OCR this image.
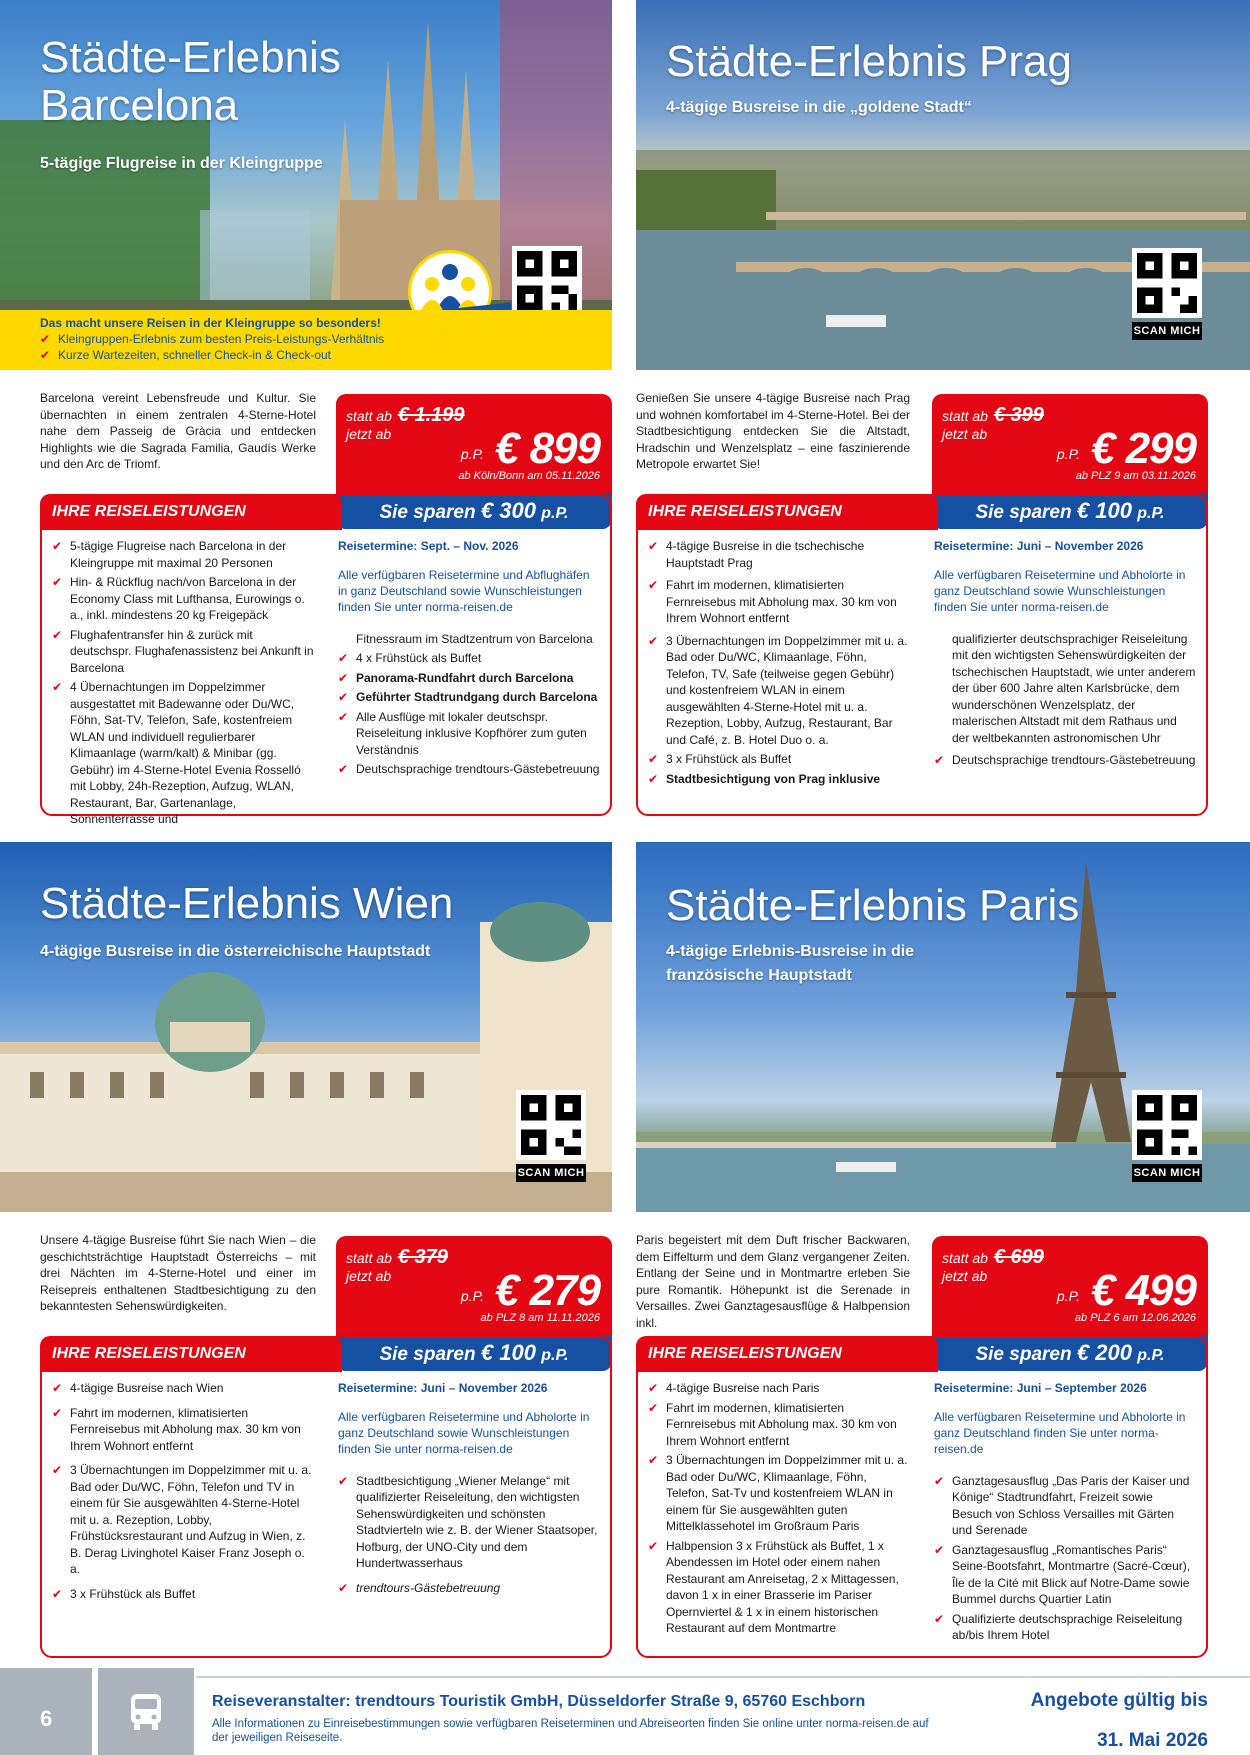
Städte-Erlebnis
Barcelona
5-tägige Flugreise in der Kleingruppe
Das macht unsere Reisen in der Kleingruppe so besonders!
✔ Kleingruppen-Erlebnis zum besten Preis-Leistungs-Verhältnis
✔ Kurze Wartezeiten, schneller Check-in & Check-out
Städte-Erlebnis Prag
4-tägige Busreise in die „goldene Stadt“
SCAN MICH
Barcelona vereint Lebensfreude und Kultur. Sie übernachten in einem zentralen 4-Sterne-Hotel nahe dem Passeig de Gràcia und entdecken Highlights wie die Sagrada Familia, Gaudís Werke und den Arc de Triomf.
statt ab € 1.199
jetzt ab
p.P. € 899
ab Köln/Bonn am 05.11.2026
Sie sparen € 300 p.P.
IHRE REISELEISTUNGEN
✔ 5-tägige Flugreise nach Barcelona in der Kleingruppe mit maximal 20 Personen
✔ Hin- & Rückflug nach/von Barcelona in der Economy Class mit Lufthansa, Eurowings o. a., inkl. mindestens 20 kg Freigepäck
✔ Flughafentransfer hin & zurück mit deutschspr. Flughafenassistenz bei Ankunft in Barcelona
✔ 4 Übernachtungen im Doppelzimmer ausgestattet mit Badewanne oder Du/WC, Föhn, Sat-TV, Telefon, Safe, kostenfreiem WLAN und individuell regulierbarer Klimaanlage (warm/kalt) & Minibar (gg. Gebühr) im 4-Sterne-Hotel Evenia Rosselló mit Lobby, 24h-Rezeption, Aufzug, WLAN, Restaurant, Bar, Gartenanlage, Sonnenterrasse und
Reisetermine: Sept. – Nov. 2026
Alle verfügbaren Reisetermine und Abflughäfen in ganz Deutschland sowie Wunschleistungen finden Sie unter norma-reisen.de
Fitnessraum im Stadtzentrum von Barcelona
✔ 4 x Frühstück als Buffet
✔ Panorama-Rundfahrt durch Barcelona
✔ Geführter Stadtrundgang durch Barcelona
✔ Alle Ausflüge mit lokaler deutschspr. Reiseleitung inklusive Kopfhörer zum guten Verständnis
✔ Deutschsprachige trendtours-Gästebetreuung
Genießen Sie unsere 4-tägige Busreise nach Prag und wohnen komfortabel im 4-Sterne-Hotel. Bei der Stadtbesichtigung entdecken Sie die Altstadt, Hradschin und Wenzelsplatz – eine faszinierende Metropole erwartet Sie!
statt ab € 399
jetzt ab
p.P. € 299
ab PLZ 9 am 03.11.2026
Sie sparen € 100 p.P.
IHRE REISELEISTUNGEN
✔ 4-tägige Busreise in die tschechische Hauptstadt Prag
✔ Fahrt im modernen, klimatisierten Fernreisebus mit Abholung max. 30 km von Ihrem Wohnort entfernt
✔ 3 Übernachtungen im Doppelzimmer mit u. a. Bad oder Du/WC, Klimaanlage, Föhn, Telefon, TV, Safe (teilweise gegen Gebühr) und kostenfreiem WLAN in einem ausgewählten 4-Sterne-Hotel mit u. a. Rezeption, Lobby, Aufzug, Restaurant, Bar und Café, z. B. Hotel Duo o. a.
✔ 3 x Frühstück als Buffet
✔ Stadtbesichtigung von Prag inklusive
Reisetermine: Juni – November 2026
Alle verfügbaren Reisetermine und Abholorte in ganz Deutschland sowie Wunschleistungen finden Sie unter norma-reisen.de
qualifizierter deutschsprachiger Reiseleitung mit den wichtigsten Sehenswürdigkeiten der tschechischen Hauptstadt, wie unter anderem der über 600 Jahre alten Karlsbrücke, dem wunderschönen Wenzelsplatz, der malerischen Altstadt mit dem Rathaus und der weltbekannten astronomischen Uhr
✔ Deutschsprachige trendtours-Gästebetreuung
Städte-Erlebnis Wien
4-tägige Busreise in die österreichische Hauptstadt
SCAN MICH
Städte-Erlebnis Paris
4-tägige Erlebnis-Busreise in die
französische Hauptstadt
SCAN MICH
Unsere 4-tägige Busreise führt Sie nach Wien – die geschichtsträchtige Hauptstadt Österreichs – mit drei Nächten im 4-Sterne-Hotel und einer im Reisepreis enthaltenen Stadtbesichtigung zu den bekanntesten Sehenswürdigkeiten.
statt ab € 379
jetzt ab
p.P. € 279
ab PLZ 8 am 11.11.2026
Sie sparen € 100 p.P.
IHRE REISELEISTUNGEN
✔ 4-tägige Busreise nach Wien
✔ Fahrt im modernen, klimatisierten Fernreisebus mit Abholung max. 30 km von Ihrem Wohnort entfernt
✔ 3 Übernachtungen im Doppelzimmer mit u. a. Bad oder Du/WC, Föhn, Telefon und TV in einem für Sie ausgewählten 4-Sterne-Hotel mit u. a. Rezeption, Lobby, Frühstücksrestaurant und Aufzug in Wien, z. B. Derag Livinghotel Kaiser Franz Joseph o. a.
✔ 3 x Frühstück als Buffet
Reisetermine: Juni – November 2026
Alle verfügbaren Reisetermine und Abholorte in ganz Deutschland sowie Wunschleistungen finden Sie unter norma-reisen.de
✔ Stadtbesichtigung „Wiener Melange“ mit qualifizierter Reiseleitung, den wichtigsten Sehenswürdigkeiten und schönsten Stadtvierteln wie z. B. der Wiener Staatsoper, Hofburg, der UNO-City und dem Hundertwasserhaus
✔ trendtours-Gästebetreuung
Paris begeistert mit dem Duft frischer Backwaren, dem Eiffelturm und dem Glanz vergangener Zeiten. Entlang der Seine und in Montmartre erleben Sie pure Romantik. Höhepunkt ist die Serenade in Versailles. Zwei Ganztagesausflüge & Halbpension inkl.
statt ab € 699
jetzt ab
p.P. € 499
ab PLZ 6 am 12.06.2026
Sie sparen € 200 p.P.
IHRE REISELEISTUNGEN
✔ 4-tägige Busreise nach Paris
✔ Fahrt im modernen, klimatisierten Fernreisebus mit Abholung max. 30 km von Ihrem Wohnort entfernt
✔ 3 Übernachtungen im Doppelzimmer mit u. a. Bad oder Du/WC, Klimaanlage, Föhn, Telefon, Sat-Tv und kostenfreiem WLAN in einem für Sie ausgewählten guten Mittelklassehotel im Großraum Paris
✔ Halbpension 3 x Frühstück als Buffet, 1 x Abendessen im Hotel oder einem nahen Restaurant am Anreisetag, 2 x Mittagessen, davon 1 x in einer Brasserie im Pariser Opernviertel & 1 x in einem historischen Restaurant auf dem Montmartre
Reisetermine: Juni – September 2026
Alle verfügbaren Reisetermine und Abholorte in ganz Deutschland finden Sie unter norma-reisen.de
✔ Ganztagesausflug „Das Paris der Kaiser und Könige“ Stadtrundfahrt, Freizeit sowie Besuch von Schloss Versailles mit Gärten und Serenade
✔ Ganztagesausflug „Romantisches Paris“ Seine-Bootsfahrt, Montmartre (Sacré-Cœur), Île de la Cité mit Blick auf Notre-Dame sowie Bummel durchs Quartier Latin
✔ Qualifizierte deutschsprachige Reiseleitung ab/bis Ihrem Hotel
6
Reiseveranstalter: trendtours Touristik GmbH, Düsseldorfer Straße 9, 65760 Eschborn
Alle Informationen zu Einreisebestimmungen sowie verfügbaren Reiseterminen und Abreiseorten finden Sie online unter norma-reisen.de auf der jeweiligen Reiseseite.
Angebote gültig bis
31. Mai 2026
